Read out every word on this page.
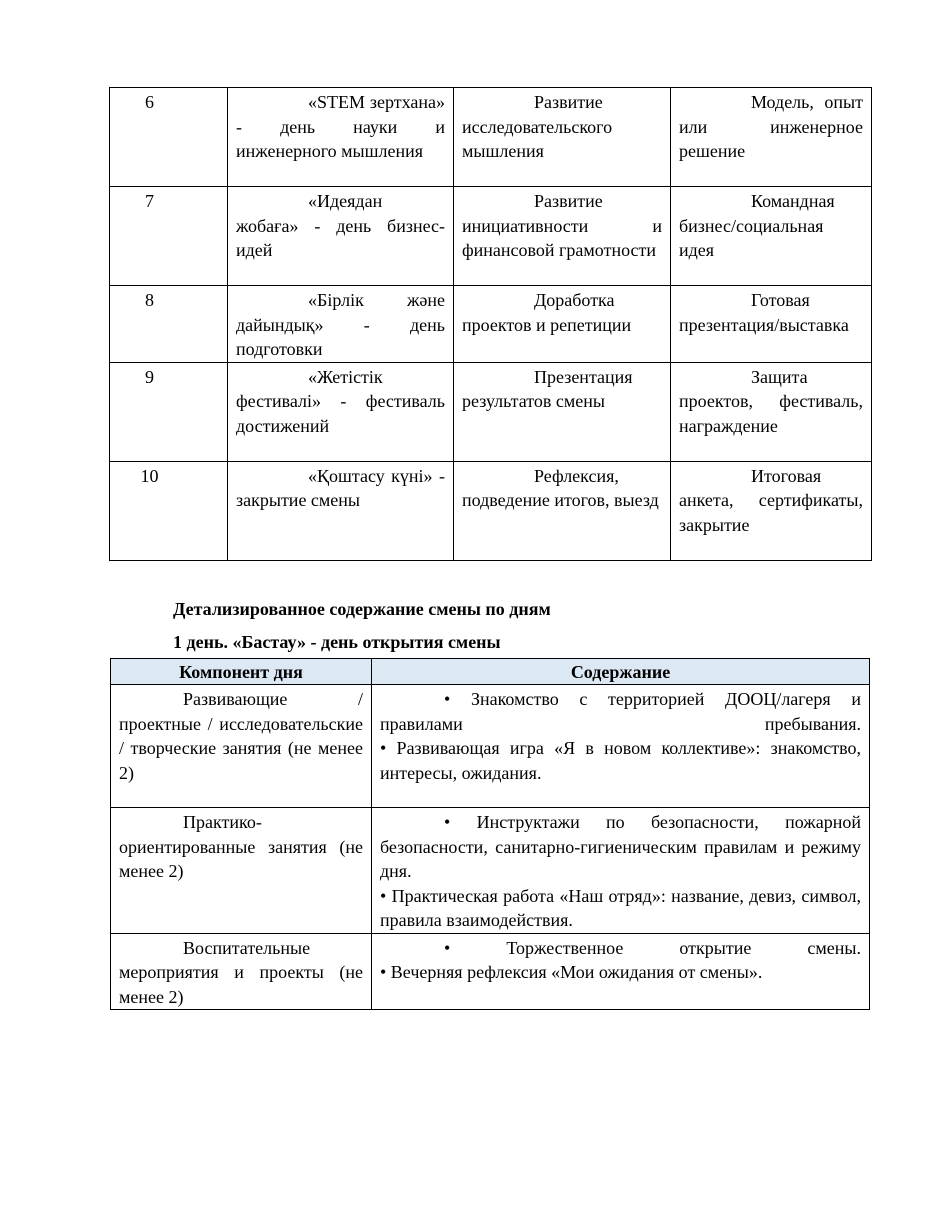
6	«STEM зертхана» - день науки и инженерного мышления	Развитие исследовательского мышления	Модель, опыт или инженерное решение
7	«Идеядан жобаға» - день бизнес-идей	Развитие инициативности и финансовой грамотности	Командная бизнес/социальная идея
8	«Бірлік және дайындық» - день подготовки	Доработка проектов и репетиции	Готовая презентация/выставка
9	«Жетістік фестивалі» - фестиваль достижений	Презентация результатов смены	Защита проектов, фестиваль, награждение
10	«Қоштасу күні» - закрытие смены	Рефлексия, подведение итогов, выезд	Итоговая анкета, сертификаты, закрытие
Детализированное содержание смены по дням
1 день. «Бастау» - день открытия смены
Компонент дня	Содержание
Развивающие / проектные / исследовательские / творческие занятия (не менее 2)	• Знакомство с территорией ДООЦ/лагеря и правилами пребывания.

• Развивающая игра «Я в новом коллективе»: знакомство, интересы, ожидания.

Практико-ориентированные занятия (не менее 2)	• Инструктажи по безопасности, пожарной безопасности, санитарно-гигиеническим правилам и режиму дня.

• Практическая работа «Наш отряд»: название, девиз, символ, правила взаимодействия.

Воспитательные мероприятия и проекты (не менее 2)	• Торжественное открытие смены.

• Вечерняя рефлексия «Мои ожидания от смены».
